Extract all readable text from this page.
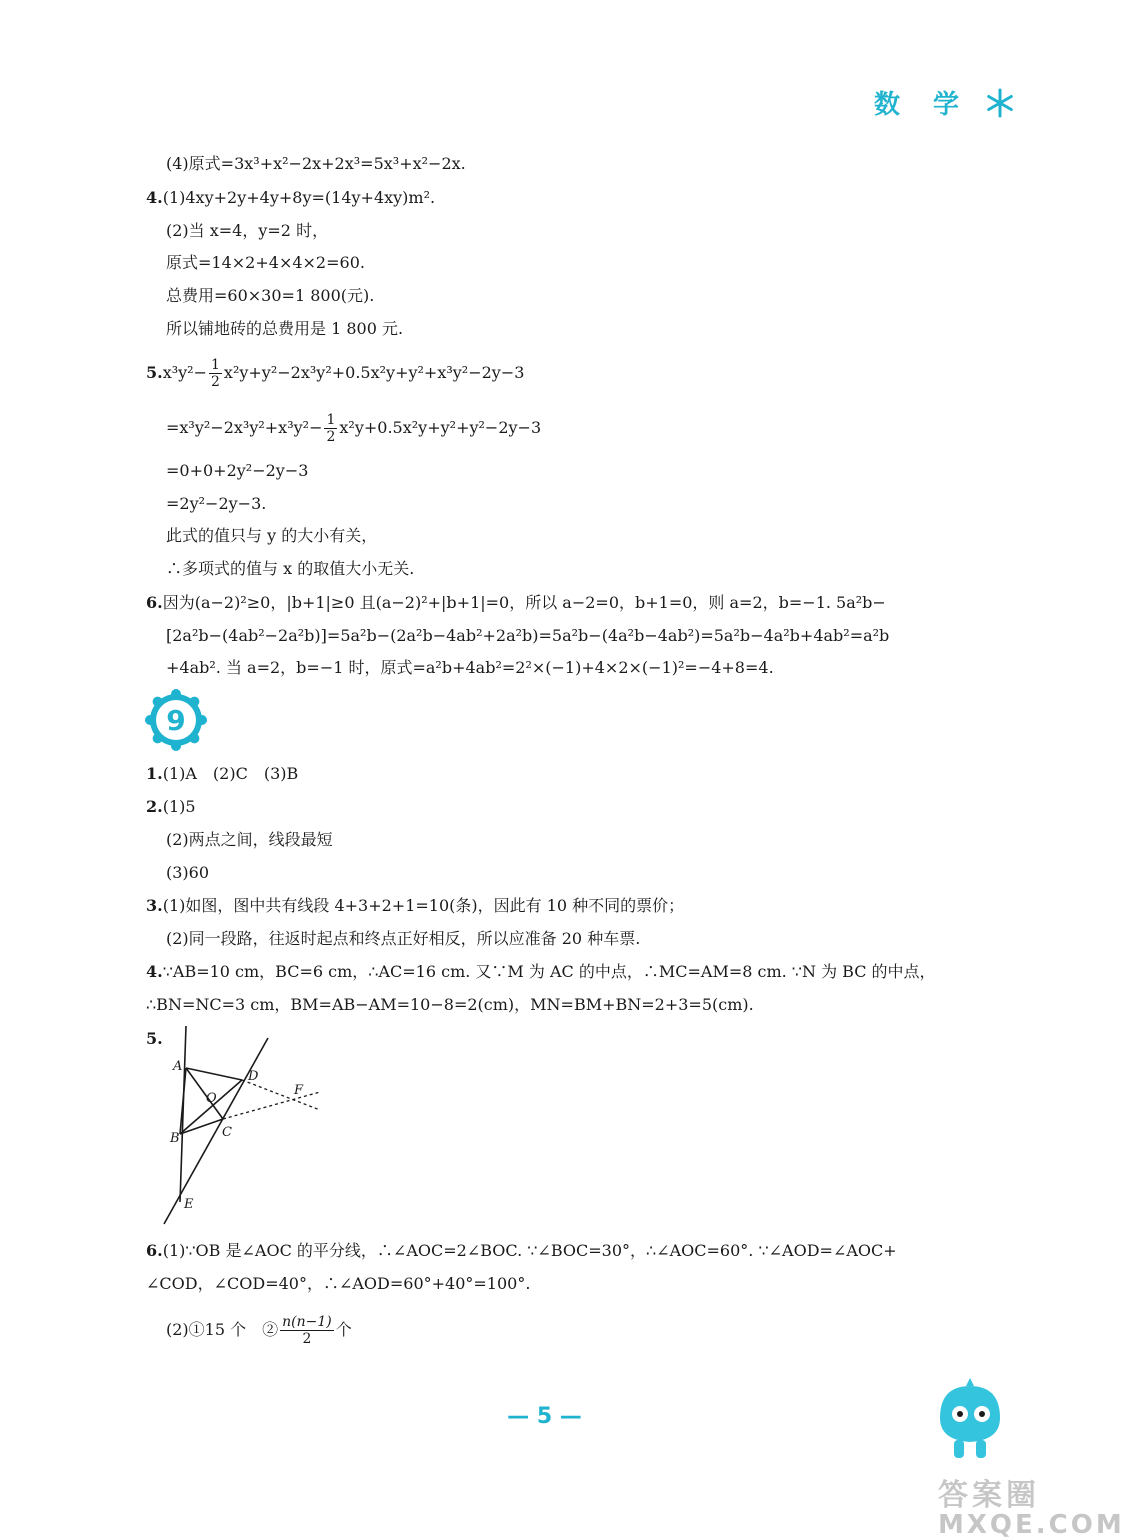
数 学
(4)原式=3x³+x²−2x+2x³=5x³+x²−2x.
4.(1)4xy+2y+4y+8y=(14y+4xy)m².
(2)当 x=4，y=2 时，
原式=14×2+4×4×2=60.
总费用=60×30=1 800(元).
所以铺地砖的总费用是 1 800 元.
$5.x^3y^2- \frac{1}{2} x^2y+y^2-2x^3y^2+0.5x^2y+y^2+x^3y^2-2y-3$
$=x^3y^2-2x^3y^2+x^3y^2- \frac{1}{2} x^2y+0.5x^2y+y^2+y^2-2y-3$
=0+0+2y²−2y−3
=2y²−2y−3.
此式的值只与 y 的大小有关，
∴多项式的值与 x 的取值大小无关.
6.因为(a−2)²≥0，|b+1|≥0 且(a−2)²+|b+1|=0，所以 a−2=0，b+1=0，则 a=2，b=−1. 5a²b−
[2a²b−(4ab²−2a²b)]=5a²b−(2a²b−4ab²+2a²b)=5a²b−(4a²b−4ab²)=5a²b−4a²b+4ab²=a²b
+4ab². 当 a=2，b=−1 时，原式=a²b+4ab²=2²×(−1)+4×2×(−1)²=−4+8=4.
9
1.(1)A　(2)C　(3)B
2.(1)5
(2)两点之间，线段最短
(3)60
3.(1)如图，图中共有线段 4+3+2+1=10(条)，因此有 10 种不同的票价；
(2)同一段路，往返时起点和终点正好相反，所以应准备 20 种车票.
4.∵AB=10 cm，BC=6 cm，∴AC=16 cm. 又∵M 为 AC 的中点，∴MC=AM=8 cm. ∵N 为 BC 的中点，
∴BN=NC=3 cm，BM=AB−AM=10−8=2(cm)，MN=BM+BN=2+3=5(cm).
5.
A
B	C
D
E
F
O
6.(1)∵OB 是∠AOC 的平分线，∴∠AOC=2∠BOC. ∵∠BOC=30°，∴∠AOC=60°. ∵∠AOD=∠AOC+
∠COD，∠COD=40°，∴∠AOD=60°+40°=100°.
(2)①15 个　② $\frac{n(n-1)}{2}$ 个
— 5 —
答案圈
MXQE.COM
